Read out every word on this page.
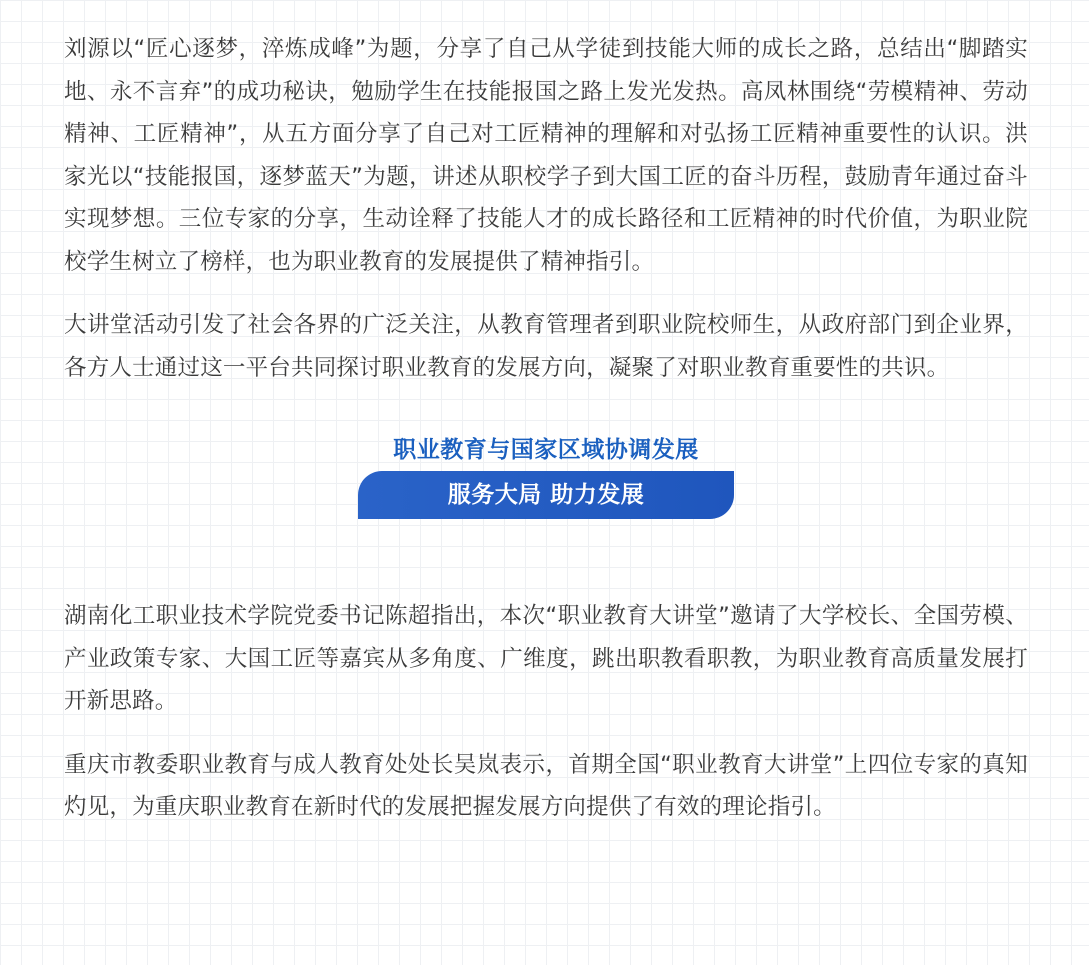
刘源以“匠心逐梦，淬炼成峰”为题，分享了自己从学徒到技能大师的成长之路，总结出“脚踏实地、永不言弃”的成功秘诀，勉励学生在技能报国之路上发光发热。高凤林围绕“劳模精神、劳动精神、工匠精神”，从五方面分享了自己对工匠精神的理解和对弘扬工匠精神重要性的认识。洪家光以“技能报国，逐梦蓝天”为题，讲述从职校学子到大国工匠的奋斗历程，鼓励青年通过奋斗实现梦想。三位专家的分享，生动诠释了技能人才的成长路径和工匠精神的时代价值，为职业院校学生树立了榜样，也为职业教育的发展提供了精神指引。

大讲堂活动引发了社会各界的广泛关注，从教育管理者到职业院校师生，从政府部门到企业界，各方人士通过这一平台共同探讨职业教育的发展方向，凝聚了对职业教育重要性的共识。

职业教育与国家区域协调发展
服务大局 助力发展

湖南化工职业技术学院党委书记陈超指出，本次“职业教育大讲堂”邀请了大学校长、全国劳模、产业政策专家、大国工匠等嘉宾从多角度、广维度，跳出职教看职教，为职业教育高质量发展打开新思路。

重庆市教委职业教育与成人教育处处长吴岚表示，首期全国“职业教育大讲堂”上四位专家的真知灼见，为重庆职业教育在新时代的发展把握发展方向提供了有效的理论指引。
